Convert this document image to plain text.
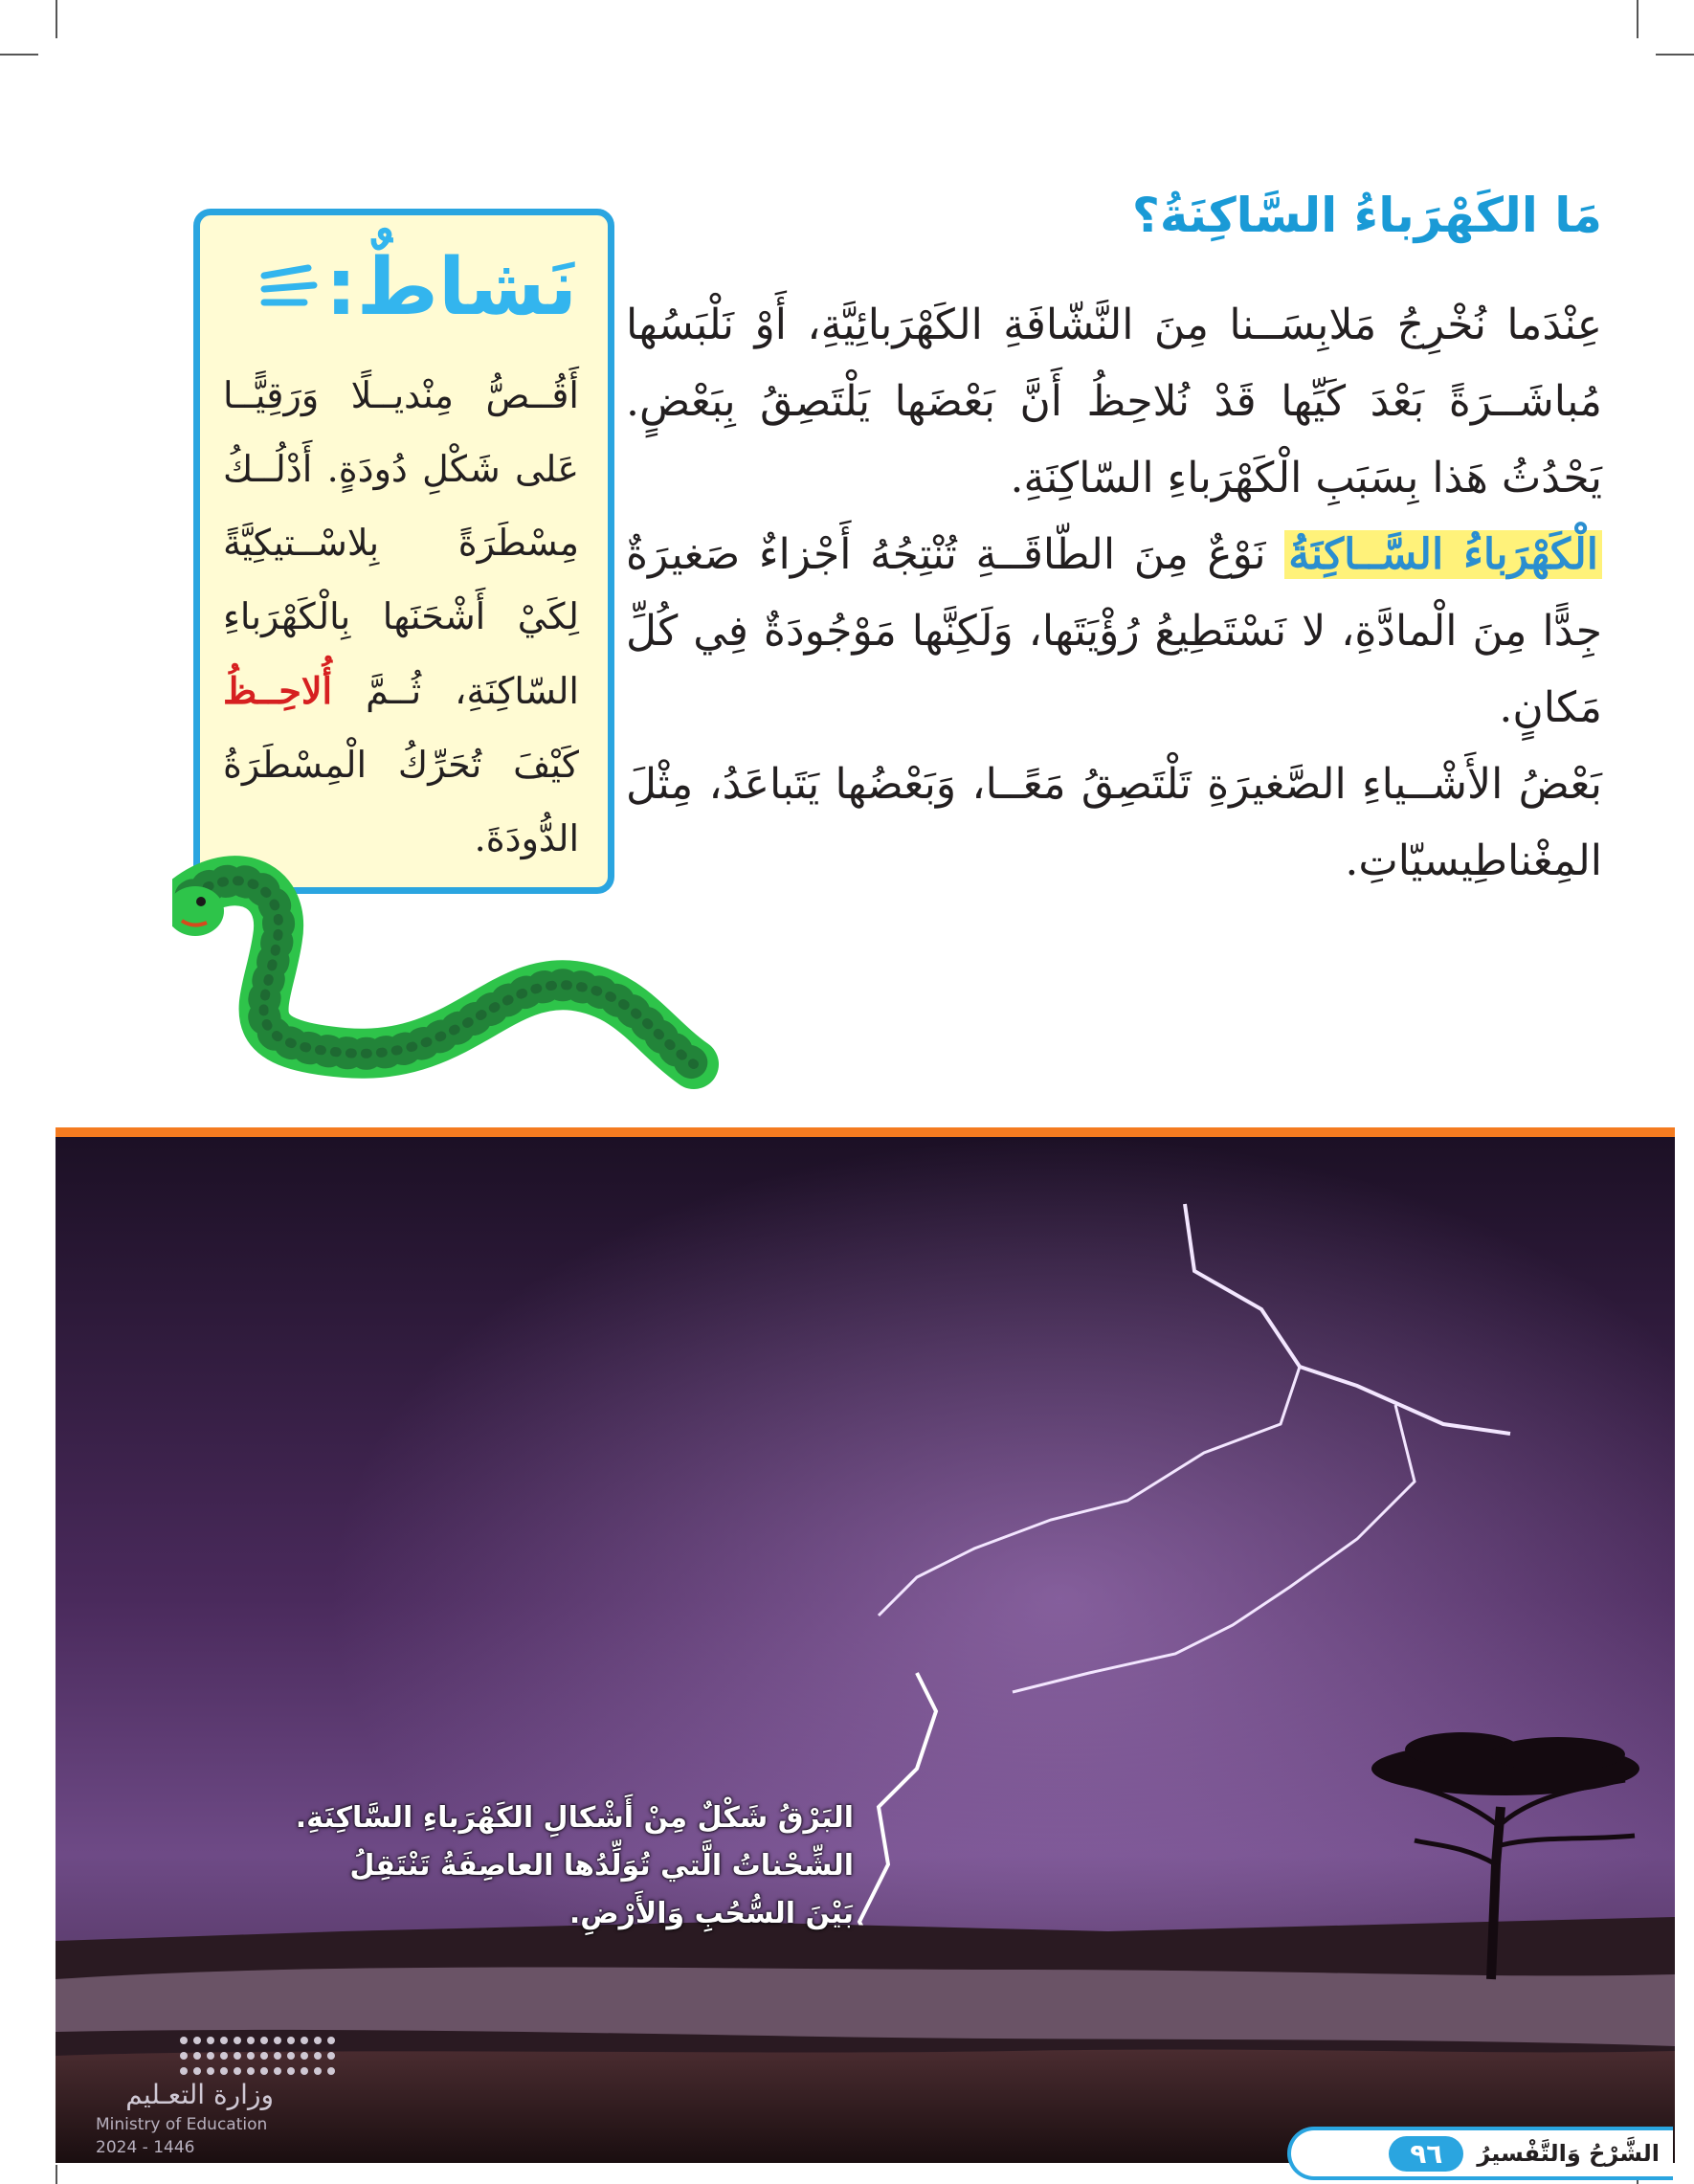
مَا الكَهْرَباءُ السَّاكِنَةُ؟

عِنْدَما نُخْرِجُ مَلابِسَــنا مِنَ النَّشّافَةِ الكَهْرَبائِيَّةِ، أَوْ نَلْبَسُها مُباشَــرَةً بَعْدَ كَيِّها قَدْ نُلاحِظُ أَنَّ بَعْضَها يَلْتَصِقُ بِبَعْضٍ. يَحْدُثُ هَذا بِسَبَبِ الْكَهْرَباءِ السّاكِنَةِ.

الْكَهْرَباءُ السَّــاكِنَةُ نَوْعٌ مِنَ الطّاقَــةِ تُنْتِجُهُ أَجْزاءٌ صَغيرَةٌ جِدًّا مِنَ الْمادَّةِ، لا نَسْتَطِيعُ رُؤْيَتَها، وَلَكِنَّها مَوْجُودَةٌ فِي كُلِّ مَكانٍ.

بَعْضُ الأَشْــياءِ الصَّغيرَةِ تَلْتَصِقُ مَعًــا، وَبَعْضُها يَتَباعَدُ، مِثْلَ المِغْناطِيسيّاتِ.

نَشاطٌ:

أَقُــصُّ مِنْديــلًا وَرَقِيًّــا عَلى شَكْلِ دُودَةٍ. أَدْلُــكُ مِسْطَرَةً بِلاسْــتيكِيَّةً لِكَيْ أَشْحَنَها بِالْكَهْرَباءِ السّاكِنَةِ، ثُــمَّ أُلاحِــظُ كَيْفَ تُحَرِّكُ الْمِسْطَرَةُ الدُّودَةَ.

البَرْقُ شَكْلٌ مِنْ أَشْكالِ الكَهْرَباءِ السَّاكِنَةِ.

الشِّحْناتُ الَّتي تُوَلِّدُها العاصِفَةُ تَنْتَقِلُ

بَيْنَ السُّحُبِ وَالأَرْضِ.

وزارة التعـليم
Ministry of Education
2024 - 1446	الشَّرْحُ وَالتَّفْسيرُ
٩٦
